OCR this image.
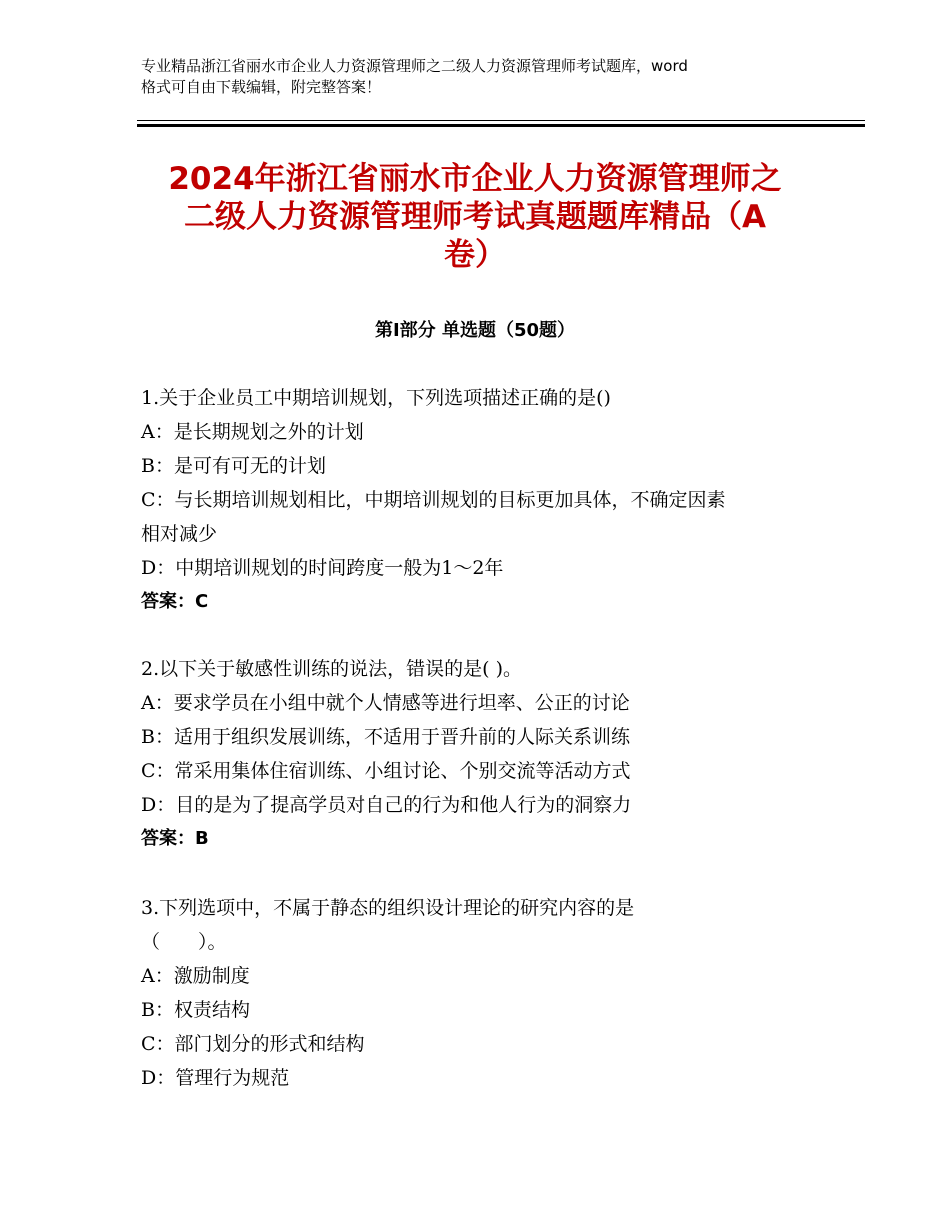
专业精品浙江省丽水市企业人力资源管理师之二级人力资源管理师考试题库，word
格式可自由下载编辑，附完整答案！
2024年浙江省丽水市企业人力资源管理师之
二级人力资源管理师考试真题题库精品（A
卷）
第Ⅰ部分 单选题（50题）
1.关于企业员工中期培训规划，下列选项描述正确的是()
A：是长期规划之外的计划
B：是可有可无的计划
C：与长期培训规划相比，中期培训规划的目标更加具体，不确定因素
相对减少
D：中期培训规划的时间跨度一般为1～2年
答案：C
2.以下关于敏感性训练的说法，错误的是( )。
A：要求学员在小组中就个人情感等进行坦率、公正的讨论
B：适用于组织发展训练，不适用于晋升前的人际关系训练
C：常采用集体住宿训练、小组讨论、个别交流等活动方式
D：目的是为了提高学员对自己的行为和他人行为的洞察力
答案：B
3.下列选项中，不属于静态的组织设计理论的研究内容的是
（　　）。
A：激励制度
B：权责结构
C：部门划分的形式和结构
D：管理行为规范
